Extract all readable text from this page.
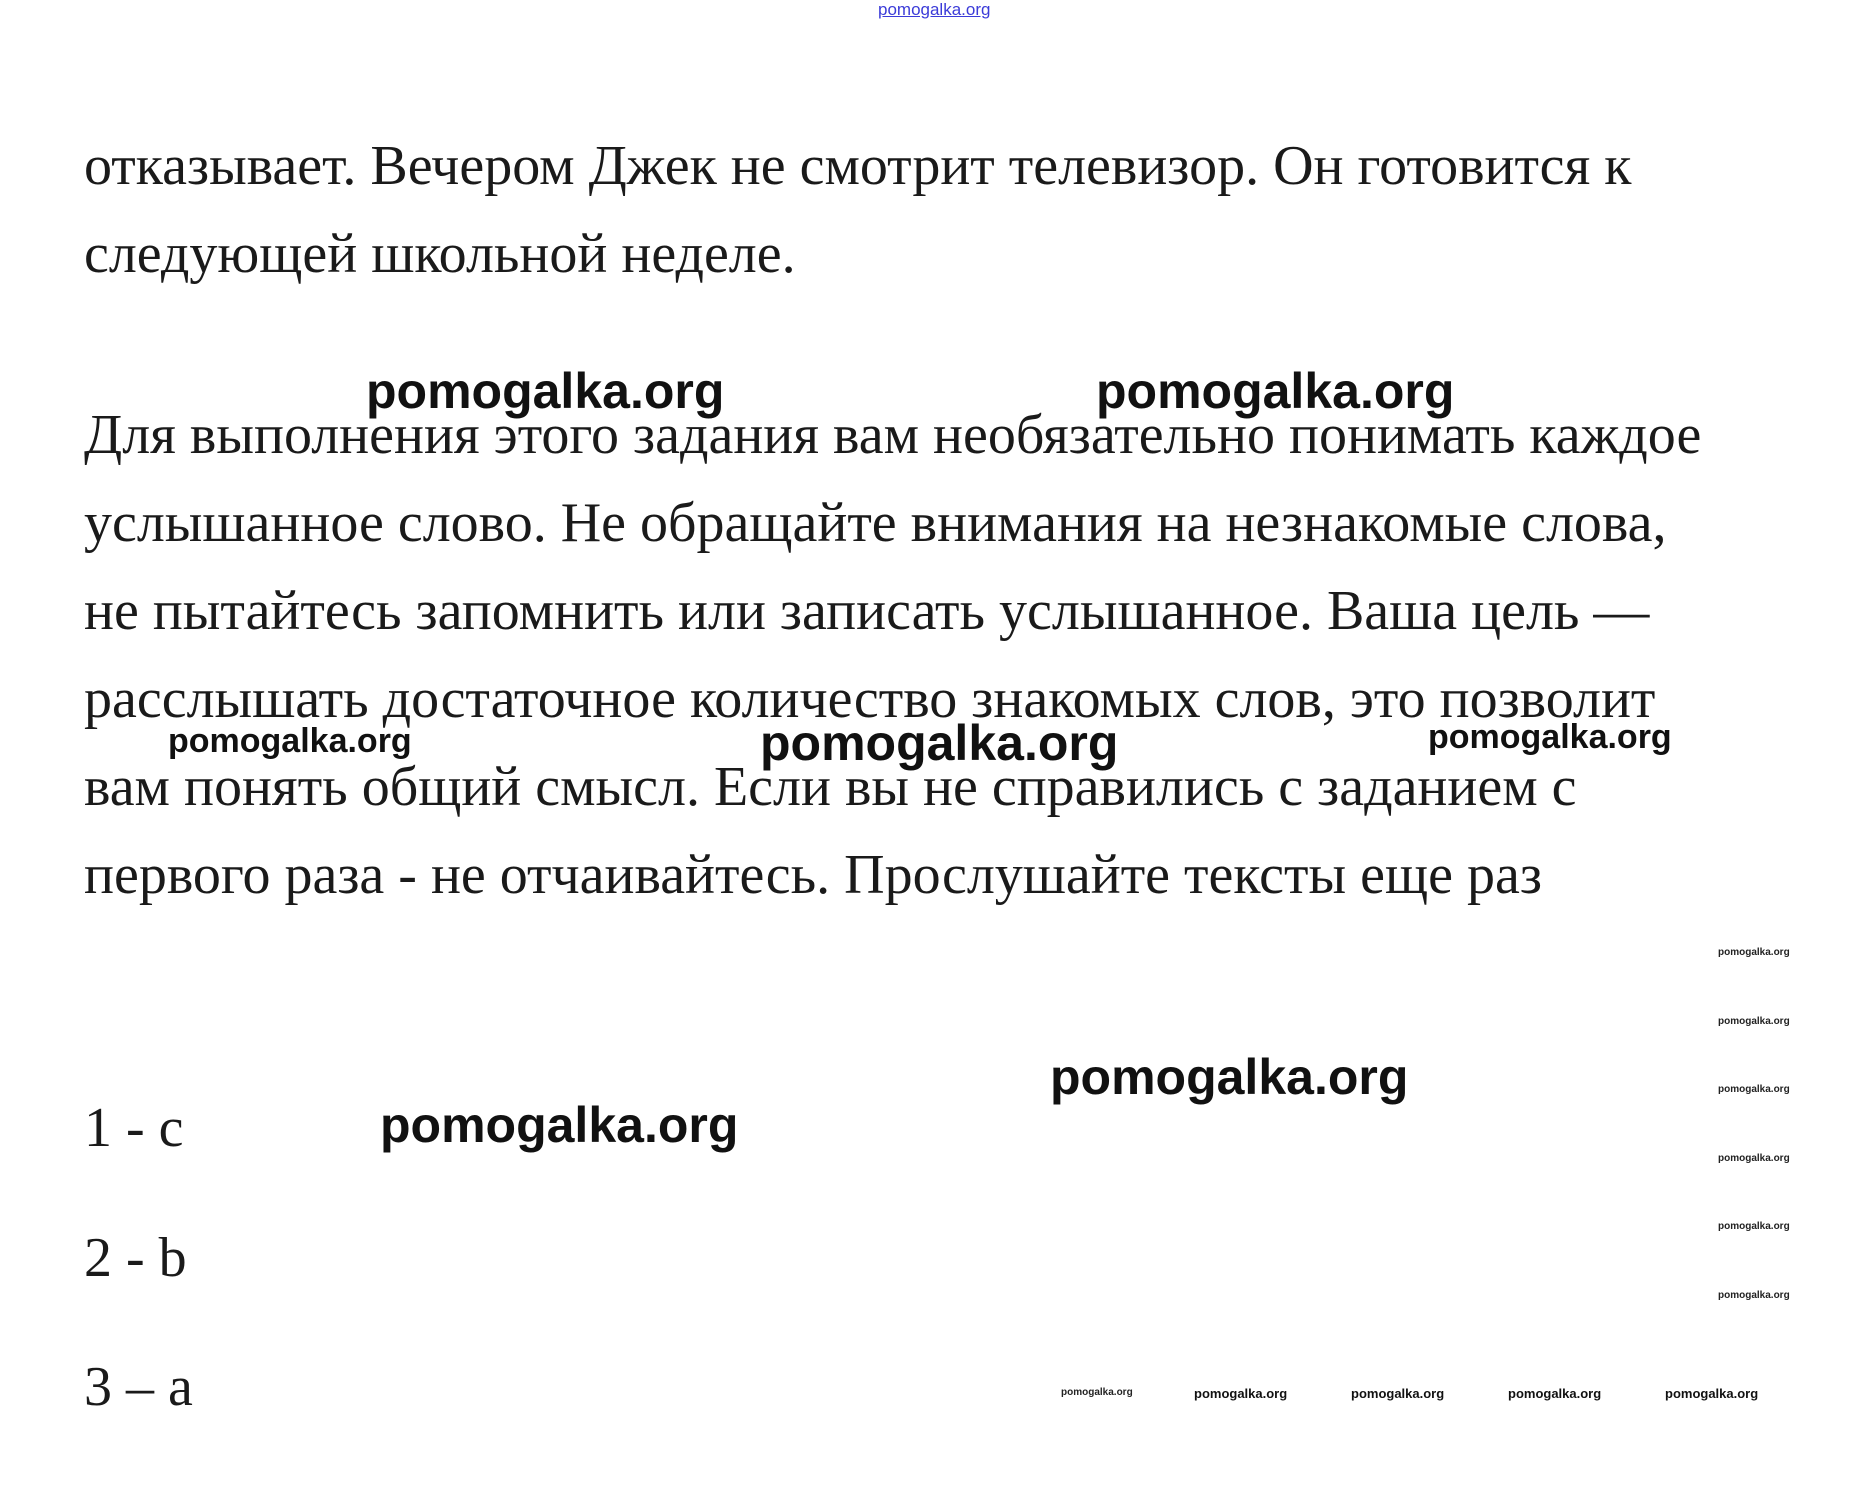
pomogalka.org

отказывает. Вечером Джек не смотрит телевизор. Он готовится к
следующей школьной неделе.

Для выполнения этого задания вам необязательно понимать каждое
услышанное слово. Не обращайте внимания на незнакомые слова,
не пытайтесь запомнить или записать услышанное. Ваша цель —
расслышать достаточное количество знакомых слов, это позволит
вам понять общий смысл. Если вы не справились с заданием с
первого раза - не отчаивайтесь. Прослушайте тексты еще раз

1 - c
2 - b
3 – a
pomogalka.org	pomogalka.org
pomogalka.org	pomogalka.org	pomogalka.org
pomogalka.org
pomogalka.org
pomogalka.org
pomogalka.org
pomogalka.org
pomogalka.org
pomogalka.org
pomogalka.org
pomogalka.org	pomogalka.org	pomogalka.org	pomogalka.org	pomogalka.org
